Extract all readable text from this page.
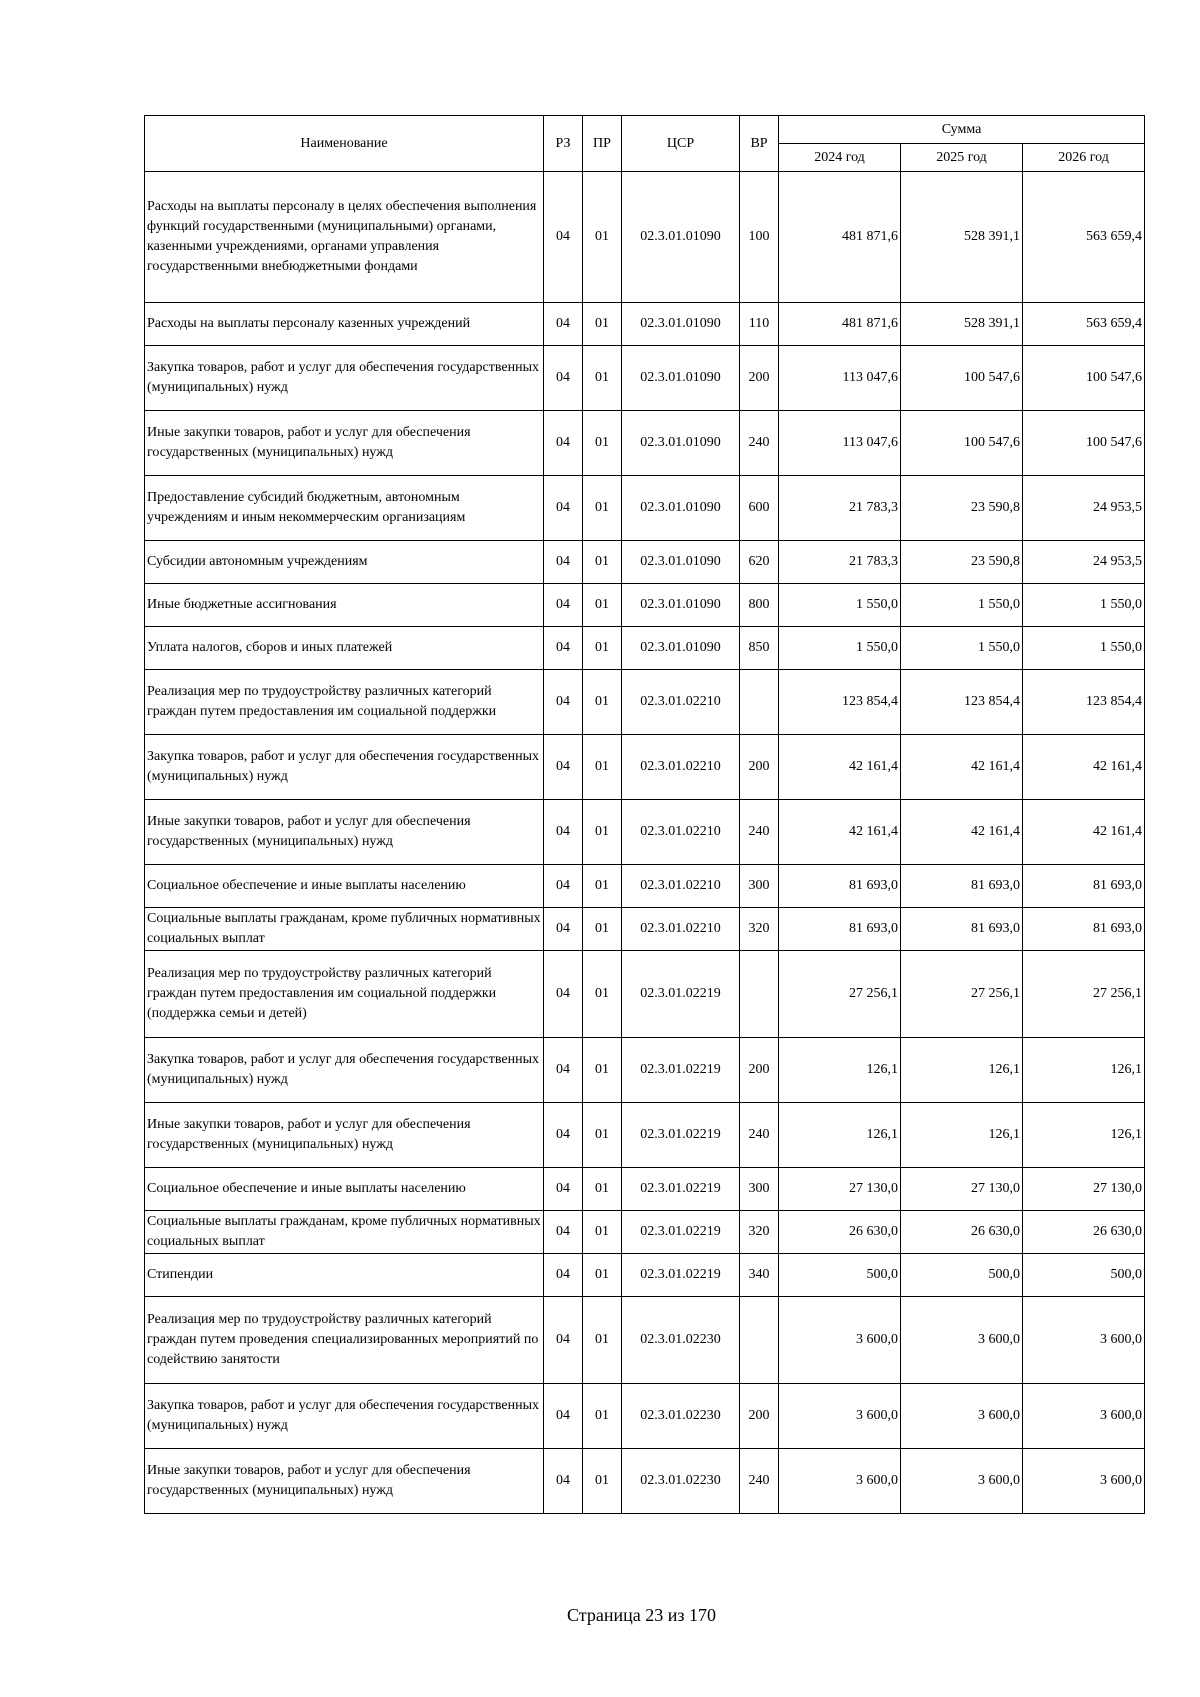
Наименование	РЗ	ПР	ЦСР	ВР	Сумма		
					2024 год	2025 год	2026 год
Расходы на выплаты персоналу в целях обеспечения выполнения функций государственными (муниципальными) органами, казенными учреждениями, органами управления государственными внебюджетными фондами	04	01	02.3.01.01090	100	481 871,6	528 391,1	563 659,4
Расходы на выплаты персоналу казенных учреждений	04	01	02.3.01.01090	110	481 871,6	528 391,1	563 659,4
Закупка товаров, работ и услуг для обеспечения государственных (муниципальных) нужд	04	01	02.3.01.01090	200	113 047,6	100 547,6	100 547,6
Иные закупки товаров, работ и услуг для обеспечения государственных (муниципальных) нужд	04	01	02.3.01.01090	240	113 047,6	100 547,6	100 547,6
Предоставление субсидий бюджетным, автономным учреждениям и иным некоммерческим организациям	04	01	02.3.01.01090	600	21 783,3	23 590,8	24 953,5
Субсидии автономным учреждениям	04	01	02.3.01.01090	620	21 783,3	23 590,8	24 953,5
Иные бюджетные ассигнования	04	01	02.3.01.01090	800	1 550,0	1 550,0	1 550,0
Уплата налогов, сборов и иных платежей	04	01	02.3.01.01090	850	1 550,0	1 550,0	1 550,0
Реализация мер по трудоустройству различных категорий граждан путем предоставления им социальной поддержки	04	01	02.3.01.02210		123 854,4	123 854,4	123 854,4
Закупка товаров, работ и услуг для обеспечения государственных (муниципальных) нужд	04	01	02.3.01.02210	200	42 161,4	42 161,4	42 161,4
Иные закупки товаров, работ и услуг для обеспечения государственных (муниципальных) нужд	04	01	02.3.01.02210	240	42 161,4	42 161,4	42 161,4
Социальное обеспечение и иные выплаты населению	04	01	02.3.01.02210	300	81 693,0	81 693,0	81 693,0
Социальные выплаты гражданам, кроме публичных нормативных социальных выплат	04	01	02.3.01.02210	320	81 693,0	81 693,0	81 693,0
Реализация мер по трудоустройству различных категорий граждан путем предоставления им социальной поддержки (поддержка семьи и детей)	04	01	02.3.01.02219		27 256,1	27 256,1	27 256,1
Закупка товаров, работ и услуг для обеспечения государственных (муниципальных) нужд	04	01	02.3.01.02219	200	126,1	126,1	126,1
Иные закупки товаров, работ и услуг для обеспечения государственных (муниципальных) нужд	04	01	02.3.01.02219	240	126,1	126,1	126,1
Социальное обеспечение и иные выплаты населению	04	01	02.3.01.02219	300	27 130,0	27 130,0	27 130,0
Социальные выплаты гражданам, кроме публичных нормативных социальных выплат	04	01	02.3.01.02219	320	26 630,0	26 630,0	26 630,0
Стипендии	04	01	02.3.01.02219	340	500,0	500,0	500,0
Реализация мер по трудоустройству различных категорий граждан путем проведения специализированных мероприятий по содействию занятости	04	01	02.3.01.02230		3 600,0	3 600,0	3 600,0
Закупка товаров, работ и услуг для обеспечения государственных (муниципальных) нужд	04	01	02.3.01.02230	200	3 600,0	3 600,0	3 600,0
Иные закупки товаров, работ и услуг для обеспечения государственных (муниципальных) нужд	04	01	02.3.01.02230	240	3 600,0	3 600,0	3 600,0
Страница 23 из 170
